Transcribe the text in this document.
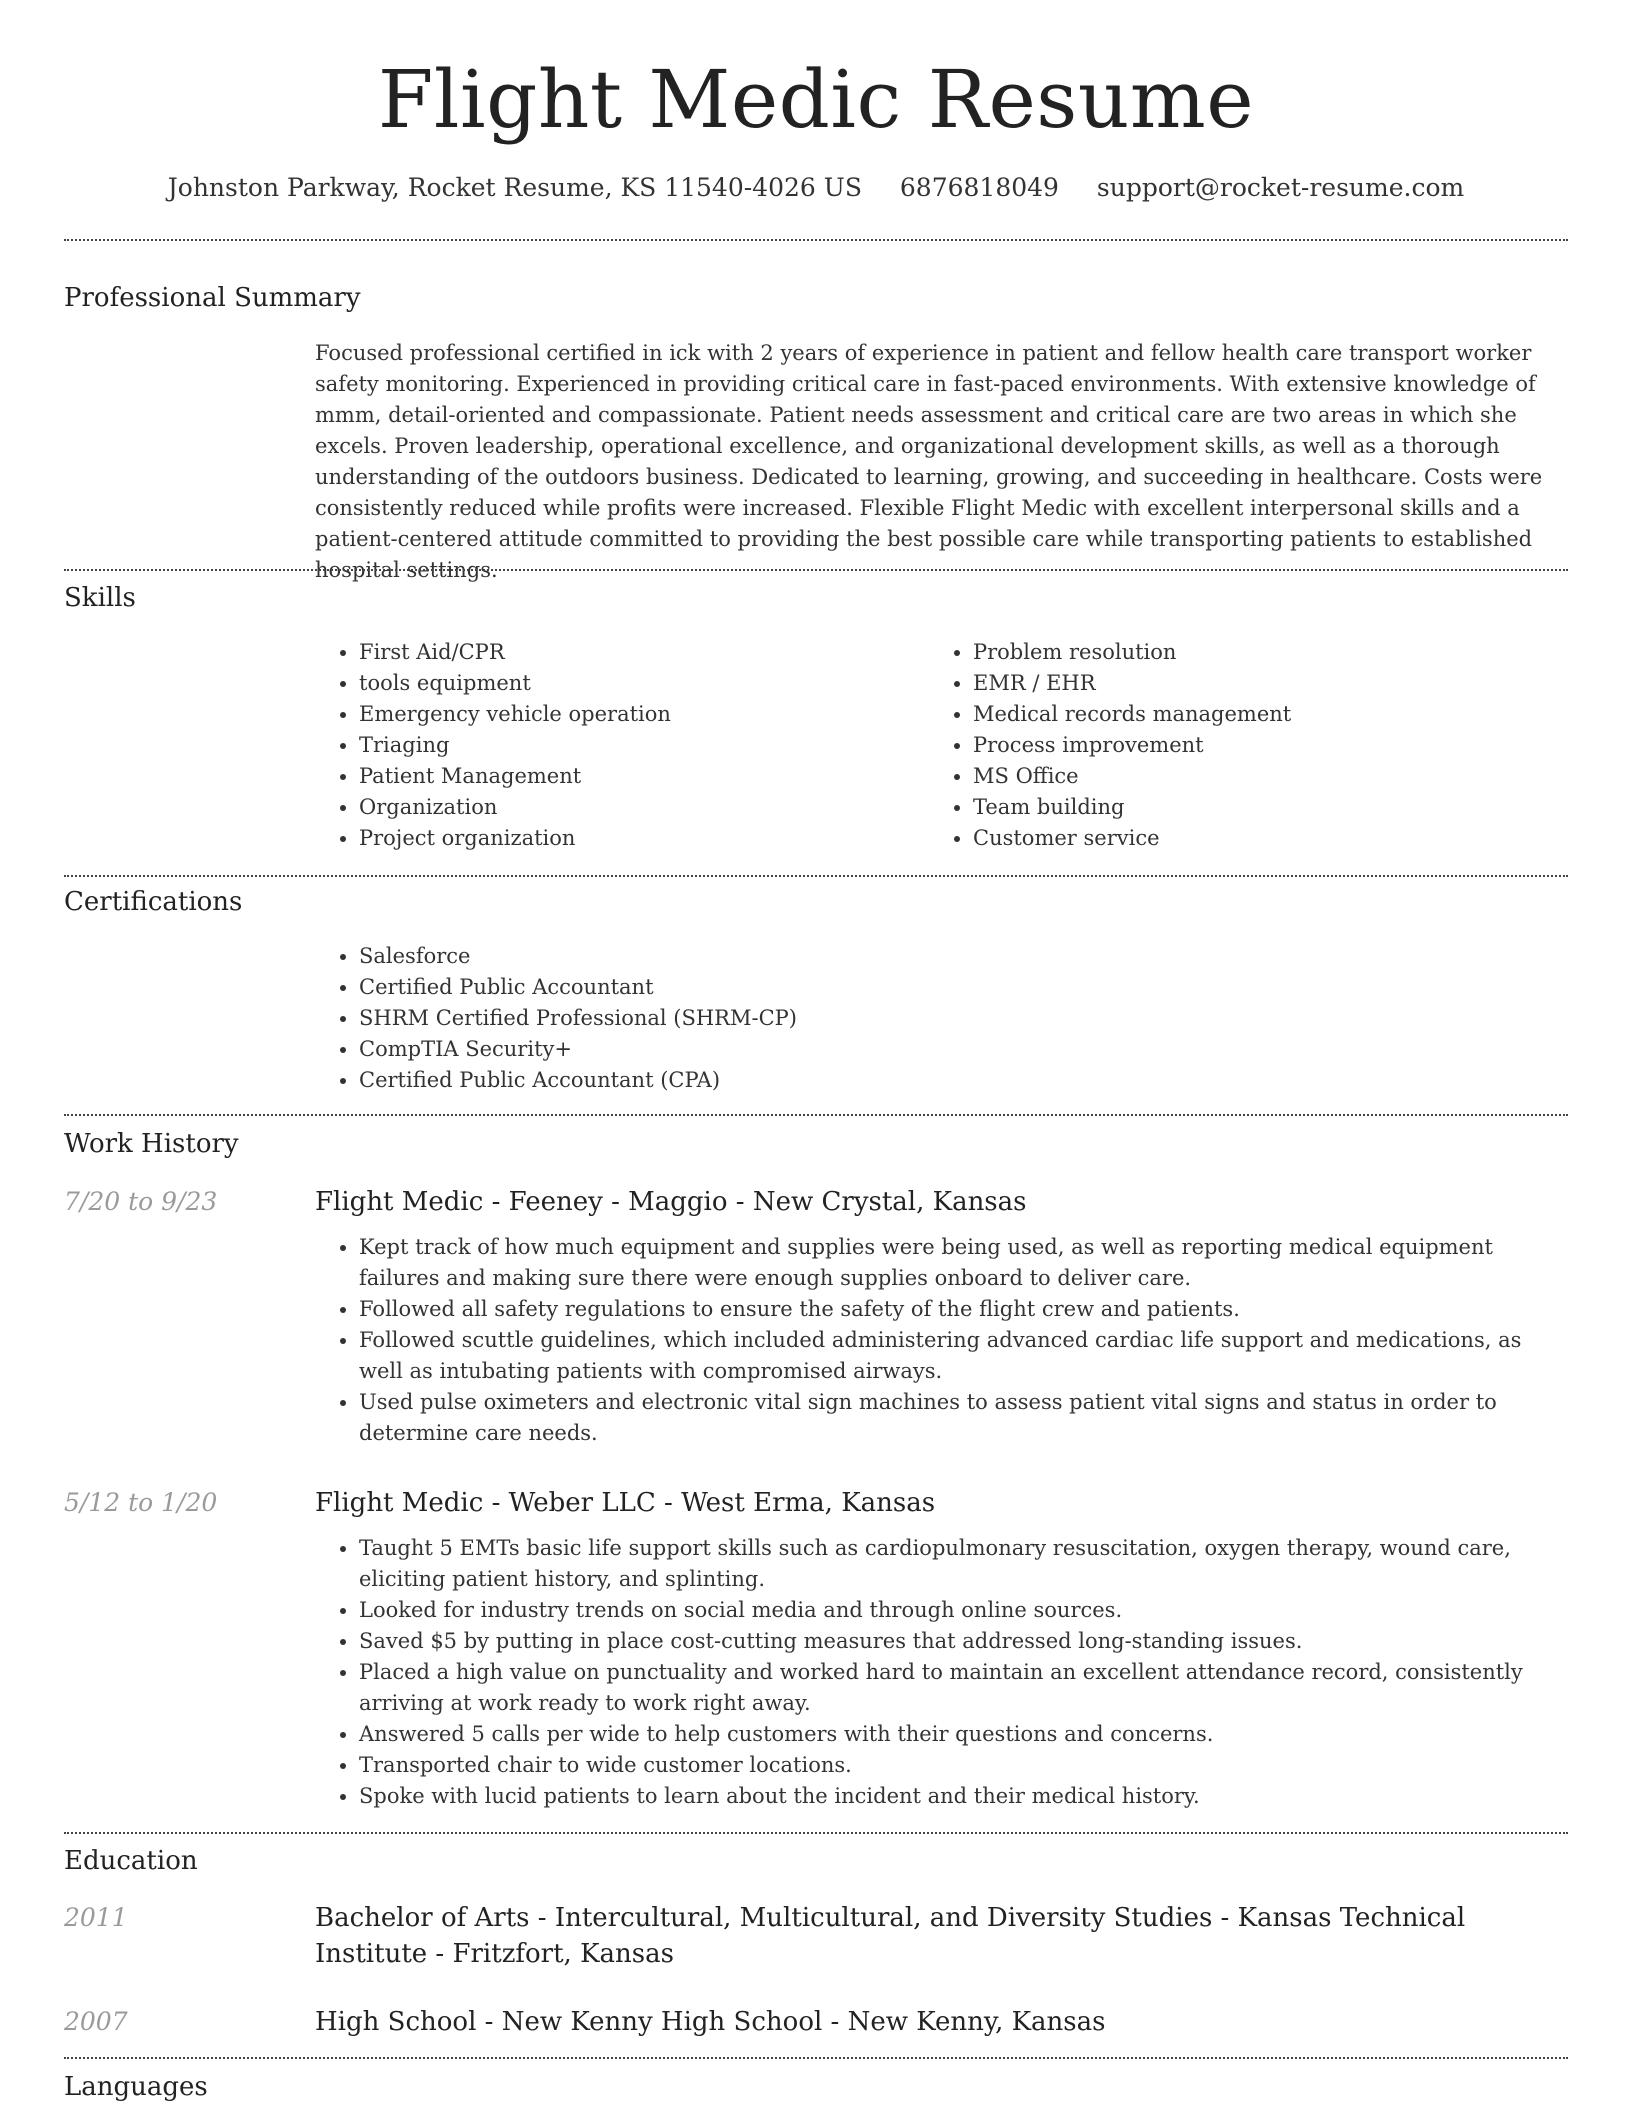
Flight Medic Resume
Johnston Parkway, Rocket Resume, KS 11540-4026 US 6876818049 support@rocket-resume.com
Professional Summary

Focused professional certified in ick with 2 years of experience in patient and fellow health care transport worker safety monitoring. Experienced in providing critical care in fast-paced environments. With extensive knowledge of mmm, detail-oriented and compassionate. Patient needs assessment and critical care are two areas in which she excels. Proven leadership, operational excellence, and organizational development skills, as well as a thorough understanding of the outdoors business. Dedicated to learning, growing, and succeeding in healthcare. Costs were consistently reduced while profits were increased. Flexible Flight Medic with excellent interpersonal skills and a patient-centered attitude committed to providing the best possible care while transporting patients to established hospital settings.

Skills
• First Aid/CPR
• tools equipment
• Emergency vehicle operation
• Triaging
• Patient Management
• Organization
• Project organization
• Problem resolution
• EMR / EHR
• Medical records management
• Process improvement
• MS Office
• Team building
• Customer service
Certifications
• Salesforce
• Certified Public Accountant
• SHRM Certified Professional (SHRM-CP)
• CompTIA Security+
• Certified Public Accountant (CPA)
Work History
7/20 to 9/23	Flight Medic - Feeney - Maggio - New Crystal, Kansas
• Kept track of how much equipment and supplies were being used, as well as reporting medical equipment failures and making sure there were enough supplies onboard to deliver care.
• Followed all safety regulations to ensure the safety of the flight crew and patients.
• Followed scuttle guidelines, which included administering advanced cardiac life support and medications, as well as intubating patients with compromised airways.
• Used pulse oximeters and electronic vital sign machines to assess patient vital signs and status in order to determine care needs.
5/12 to 1/20	Flight Medic - Weber LLC - West Erma, Kansas
• Taught 5 EMTs basic life support skills such as cardiopulmonary resuscitation, oxygen therapy, wound care, eliciting patient history, and splinting.
• Looked for industry trends on social media and through online sources.
• Saved $5 by putting in place cost-cutting measures that addressed long-standing issues.
• Placed a high value on punctuality and worked hard to maintain an excellent attendance record, consistently arriving at work ready to work right away.
• Answered 5 calls per wide to help customers with their questions and concerns.
• Transported chair to wide customer locations.
• Spoke with lucid patients to learn about the incident and their medical history.
Education
2011	Bachelor of Arts - Intercultural, Multicultural, and Diversity Studies - Kansas Technical Institute - Fritzfort, Kansas
2007	High School - New Kenny High School - New Kenny, Kansas
Languages
